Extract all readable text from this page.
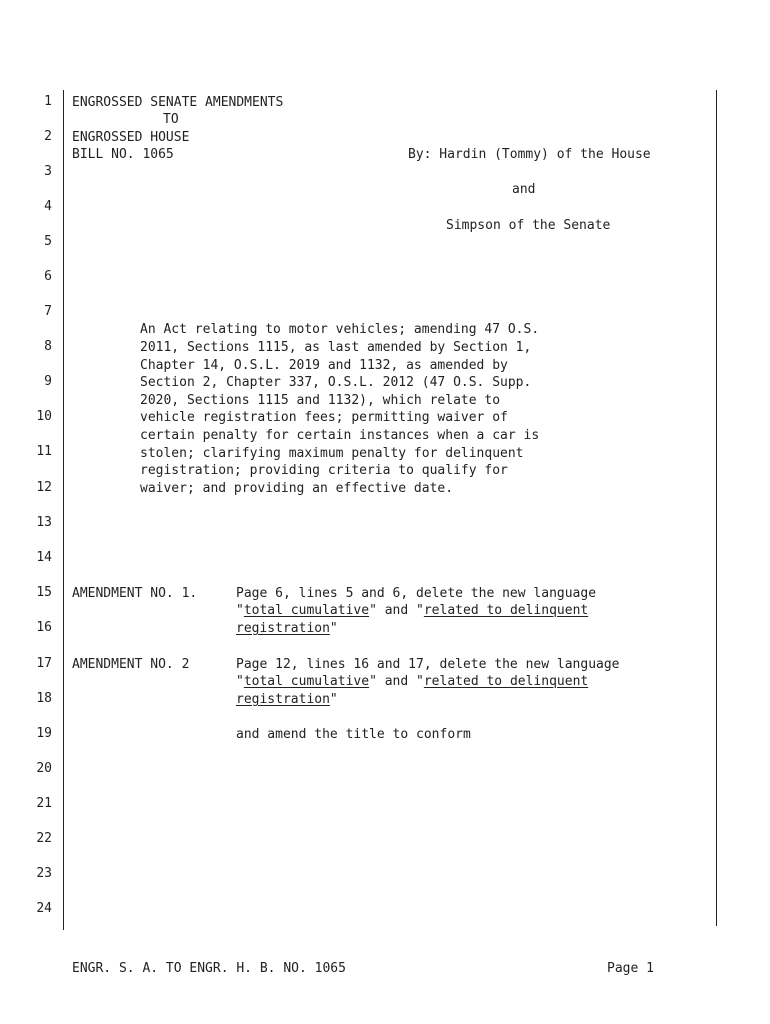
1
2
3
4
5
6
7
8
9
10
11
12
13
14
15
16
17
18
19
20
21
22
23
24
ENGROSSED SENATE AMENDMENTS
TO
ENGROSSED HOUSE
BILL NO. 1065	By: Hardin (Tommy) of the House
and
Simpson of the Senate
An Act relating to motor vehicles; amending 47 O.S.
2011, Sections 1115, as last amended by Section 1,
Chapter 14, O.S.L. 2019 and 1132, as amended by
Section 2, Chapter 337, O.S.L. 2012 (47 O.S. Supp.
2020, Sections 1115 and 1132), which relate to
vehicle registration fees; permitting waiver of
certain penalty for certain instances when a car is
stolen; clarifying maximum penalty for delinquent
registration; providing criteria to qualify for
waiver; and providing an effective date.
AMENDMENT NO. 1.	Page 6, lines 5 and 6, delete the new language
"total cumulative" and "related to delinquent
registration"
AMENDMENT NO. 2	Page 12, lines 16 and 17, delete the new language
"total cumulative" and "related to delinquent
registration"
and amend the title to conform
ENGR. S. A. TO ENGR. H. B. NO. 1065	Page 1
